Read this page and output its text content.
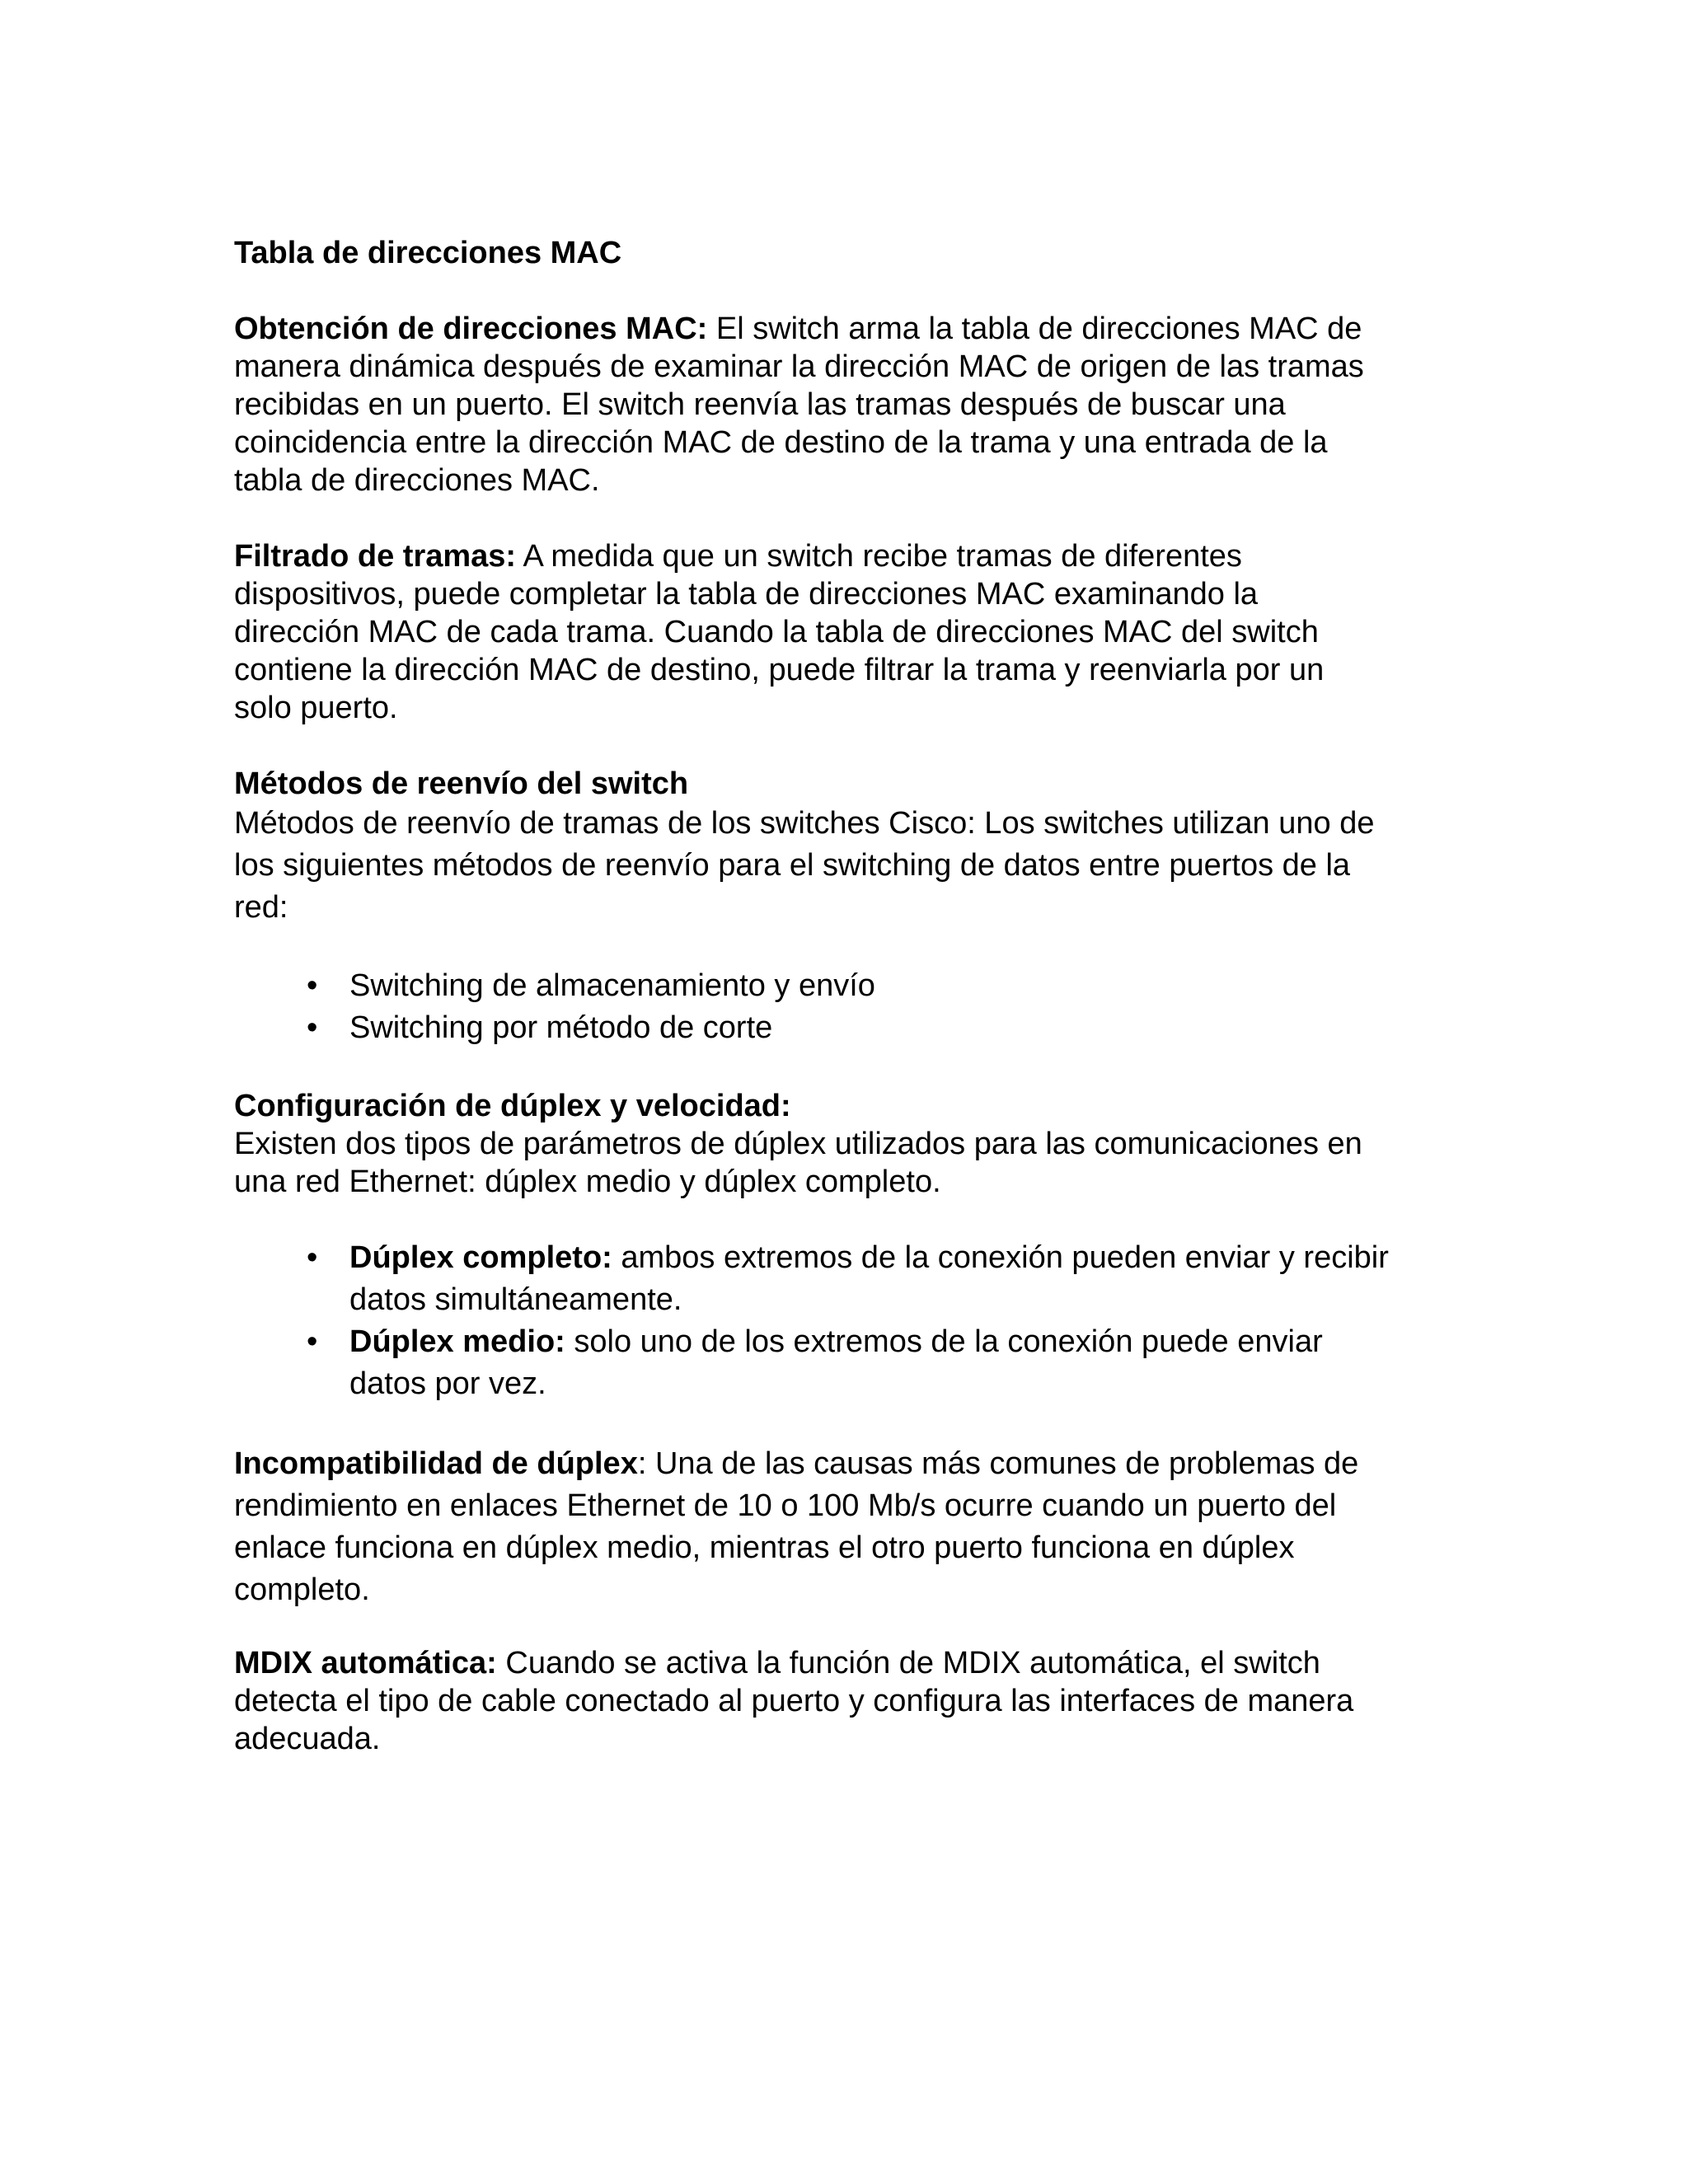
Tabla de direcciones MAC
Obtención de direcciones MAC: El switch arma la tabla de direcciones MAC de
manera dinámica después de examinar la dirección MAC de origen de las tramas
recibidas en un puerto. El switch reenvía las tramas después de buscar una
coincidencia entre la dirección MAC de destino de la trama y una entrada de la
tabla de direcciones MAC.
Filtrado de tramas: A medida que un switch recibe tramas de diferentes
dispositivos, puede completar la tabla de direcciones MAC examinando la
dirección MAC de cada trama. Cuando la tabla de direcciones MAC del switch
contiene la dirección MAC de destino, puede filtrar la trama y reenviarla por un
solo puerto.
Métodos de reenvío del switch
Métodos de reenvío de tramas de los switches Cisco: Los switches utilizan uno de
los siguientes métodos de reenvío para el switching de datos entre puertos de la
red:
• Switching de almacenamiento y envío
• Switching por método de corte
Configuración de dúplex y velocidad:
Existen dos tipos de parámetros de dúplex utilizados para las comunicaciones en
una red Ethernet: dúplex medio y dúplex completo.
• Dúplex completo: ambos extremos de la conexión pueden enviar y recibir
datos simultáneamente.
• Dúplex medio: solo uno de los extremos de la conexión puede enviar
datos por vez.
Incompatibilidad de dúplex: Una de las causas más comunes de problemas de
rendimiento en enlaces Ethernet de 10 o 100 Mb/s ocurre cuando un puerto del
enlace funciona en dúplex medio, mientras el otro puerto funciona en dúplex
completo.
MDIX automática: Cuando se activa la función de MDIX automática, el switch
detecta el tipo de cable conectado al puerto y configura las interfaces de manera
adecuada.
